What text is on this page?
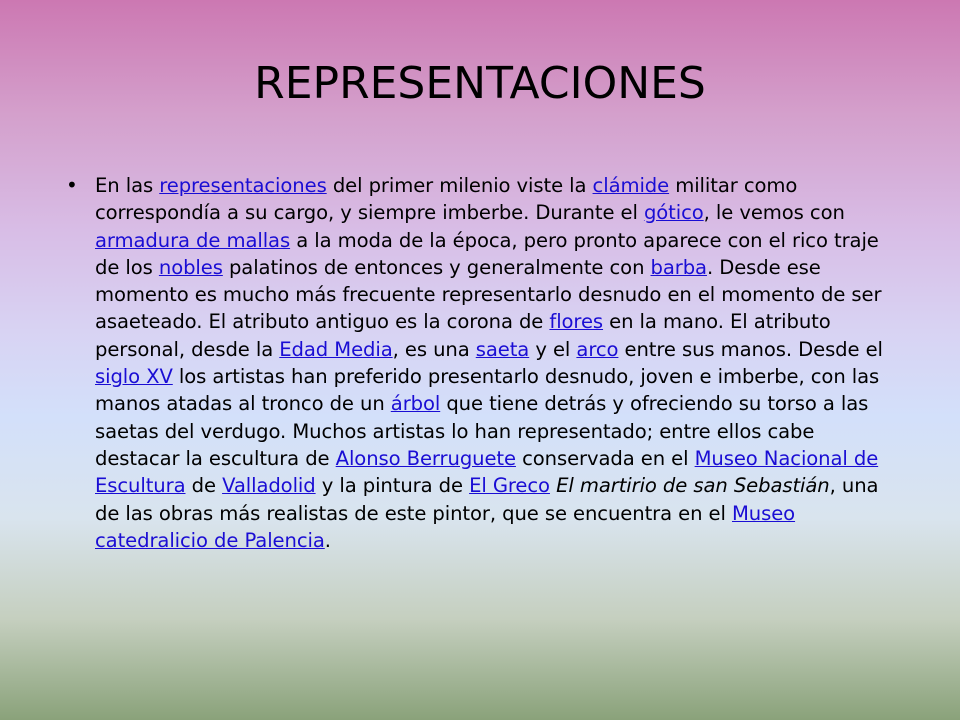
REPRESENTACIONES
• En las representaciones del primer milenio viste la clámide militar como correspondía a su cargo, y siempre imberbe. Durante el gótico, le vemos con armadura de mallas a la moda de la época, pero pronto aparece con el rico traje de los nobles palatinos de entonces y generalmente con barba. Desde ese momento es mucho más frecuente representarlo desnudo en el momento de ser asaeteado. El atributo antiguo es la corona de flores en la mano. El atributo personal, desde la Edad Media, es una saeta y el arco entre sus manos. Desde el siglo XV los artistas han preferido presentarlo desnudo, joven e imberbe, con las manos atadas al tronco de un árbol que tiene detrás y ofreciendo su torso a las saetas del verdugo. Muchos artistas lo han representado; entre ellos cabe destacar la escultura de Alonso Berruguete conservada en el Museo Nacional de Escultura de Valladolid y la pintura de El Greco El martirio de san Sebastián, una de las obras más realistas de este pintor, que se encuentra en el Museo catedralicio de Palencia.
